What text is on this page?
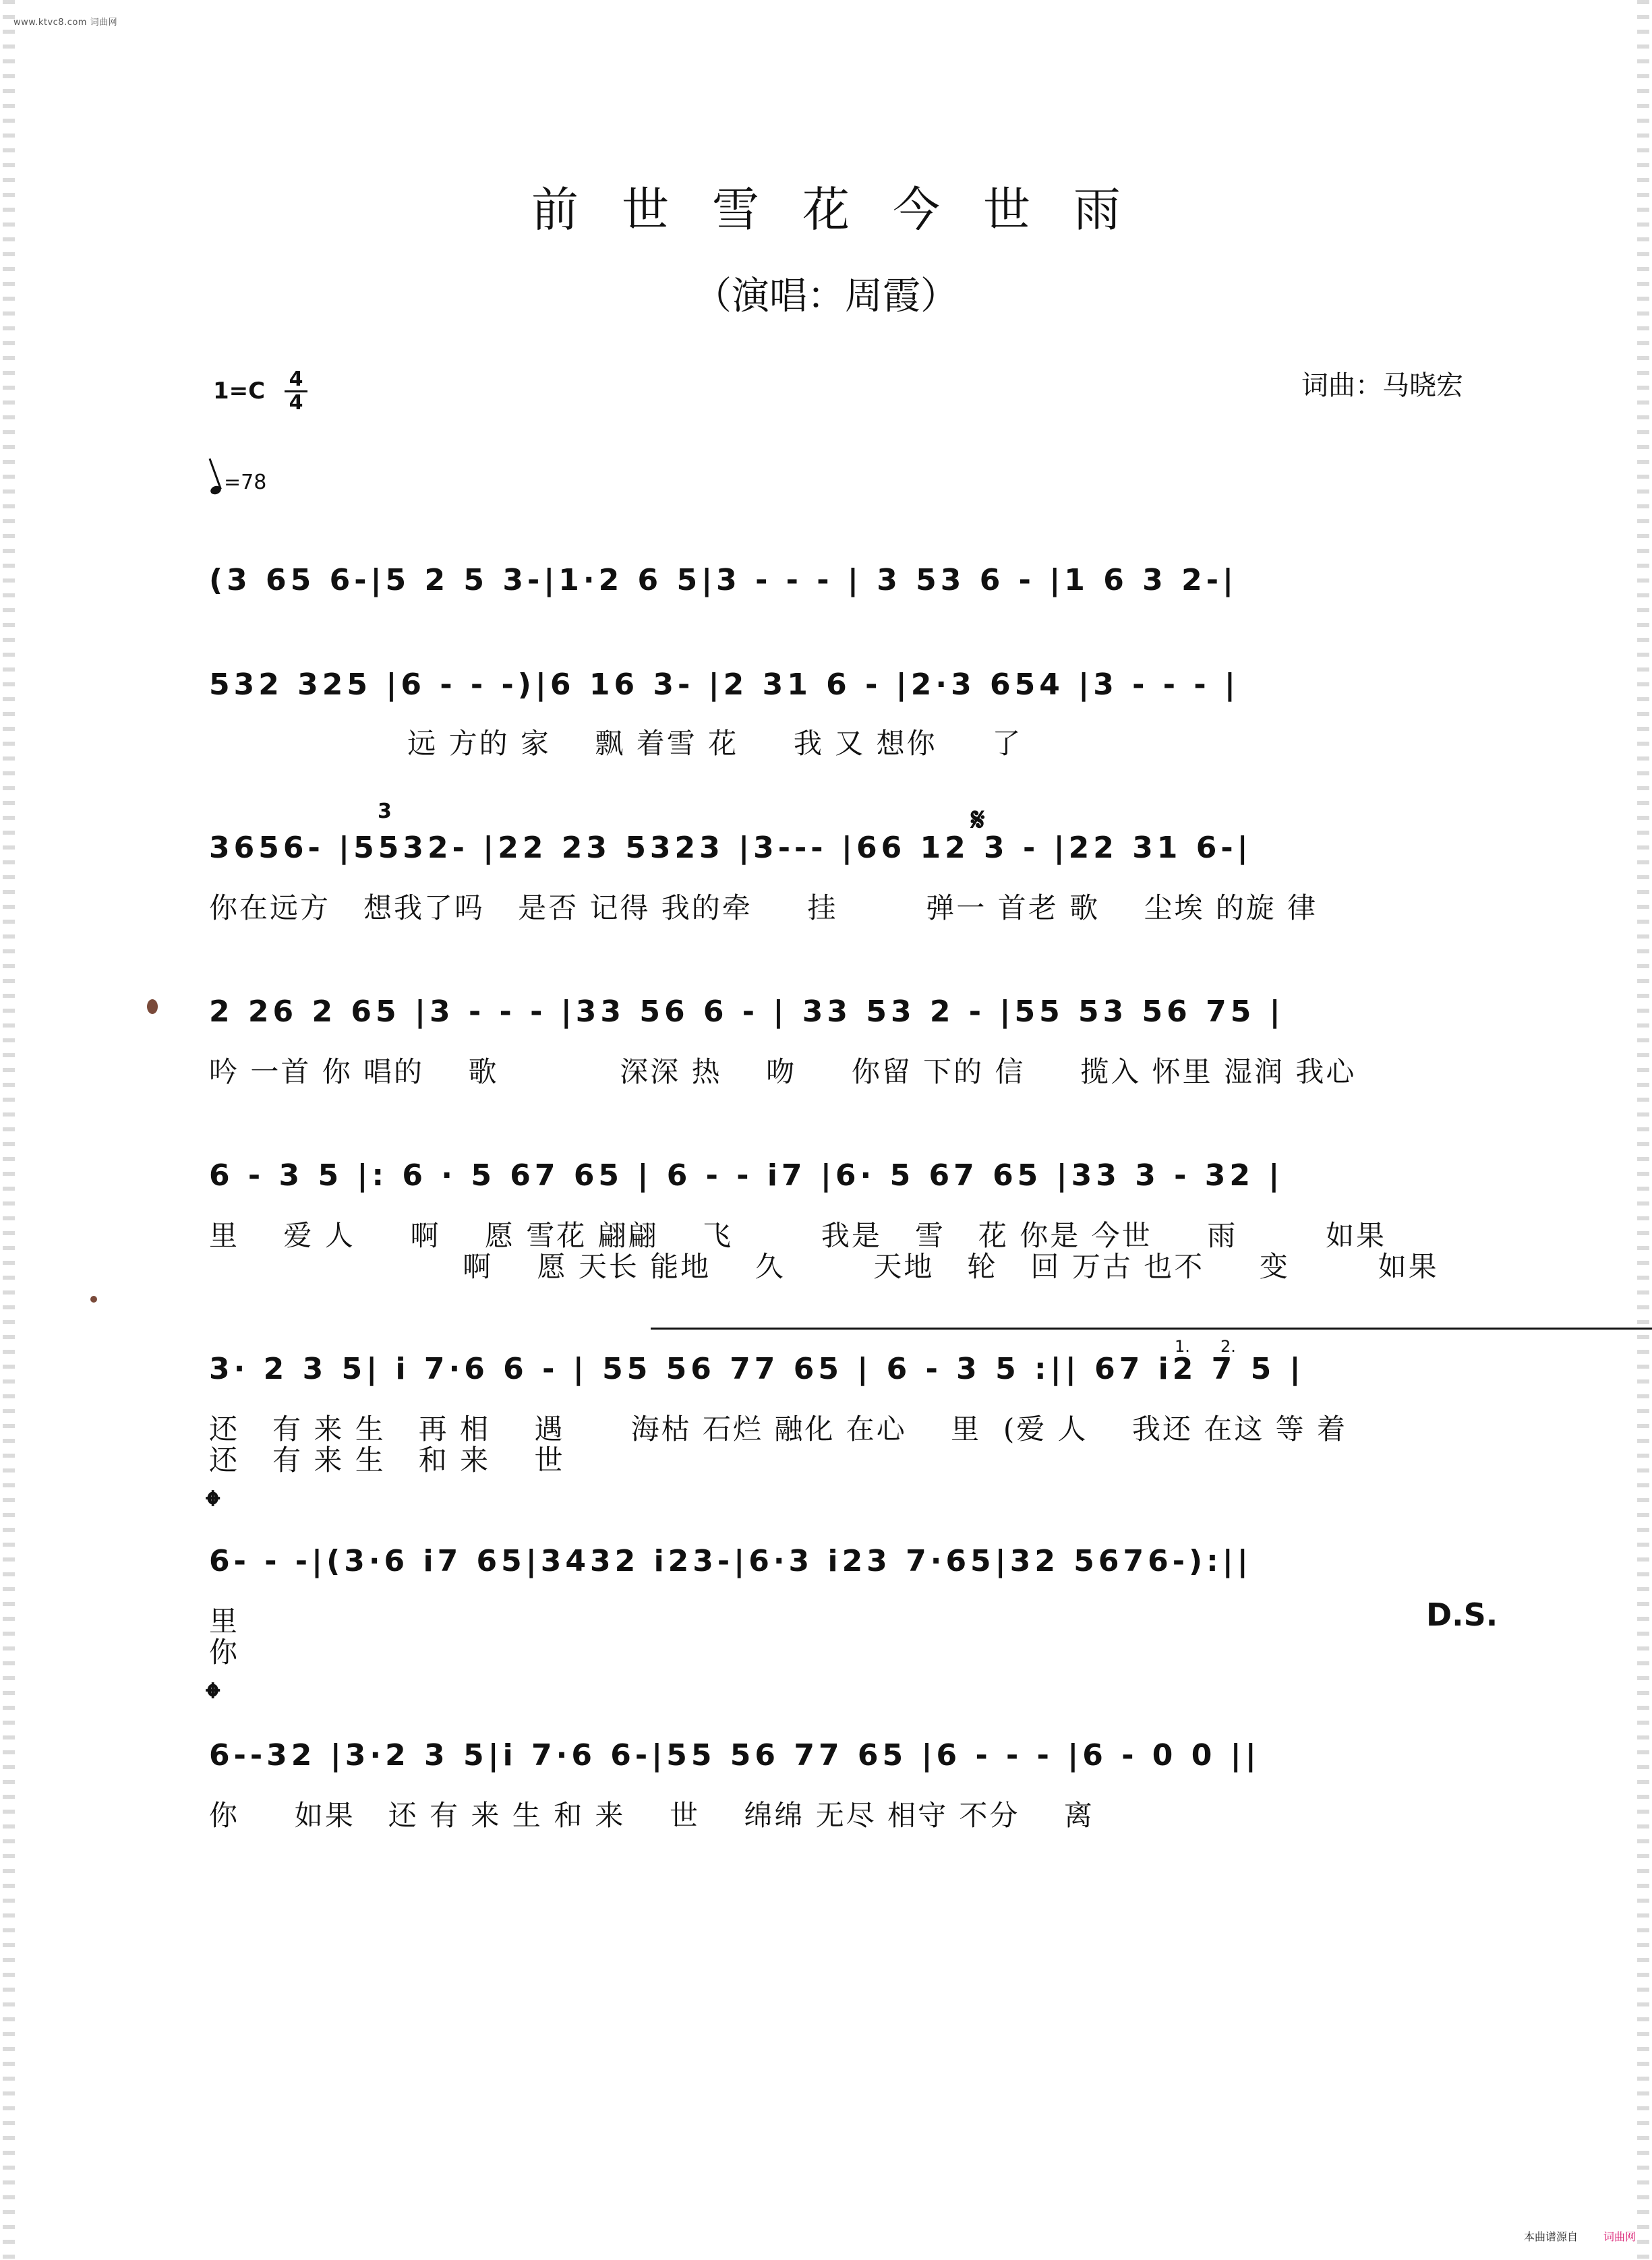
www.ktvc8.com 词曲网
前世雪花今世雨
（演唱：周霞）
1=C 4
4
词曲：马晓宏
=78
(3 65 6-|5 2 5 3-|1·2 6 5|3 - - - | 3 53 6 - |1 6 3 2-|
532 325 |6 - - -)|6 16 3- |2 31 6 - |2·3 654 |3 - - - |
远 方的 家    飘 着雪 花     我 又 想你     了
𝄋
3
3656- |5532- |22 23 5323 |3--- |66 12 3 - |22 31 6-|
你在远方   想我了吗   是否 记得 我的牵     挂        弹一 首老 歌    尘埃 的旋 律
2 26 2 65 |3 - - - |33 56 6 - | 33 53 2 - |55 53 56 75 |
吟 一首 你 唱的    歌           深深 热    吻     你留 下的 信     揽入 怀里 湿润 我心
6 - 3 5 |: 6 · 5 67 65 | 6 - - i7 |6· 5 67 65 |33 3 - 32 |
里    爱 人     啊    愿 雪花 翩翩    飞        我是   雪   花 你是 今世     雨        如果
啊    愿 天长 能地    久        天地   轮   回 万古 也不     变        如果
1. 2.
3· 2 3 5| i 7·6 6 - | 55 56 77 65 | 6 - 3 5 :|| 67 i2 7 5 |
还   有 来 生   再 相    遇      海枯 石烂 融化 在心    里  (爱 人    我还 在这 等 着
还   有 来 生   和 来    世
𝄌
6- - -|(3·6 i7 65|3432 i23-|6·3 i23 7·65|32 5676-):||
里
你
D.S.
𝄌
6--32 |3·2 3 5|i 7·6 6-|55 56 77 65 |6 - - - |6 - 0 0 ||
你     如果   还 有 来 生 和 来    世    绵绵 无尽 相守 不分    离
本曲谱源自 词曲网
